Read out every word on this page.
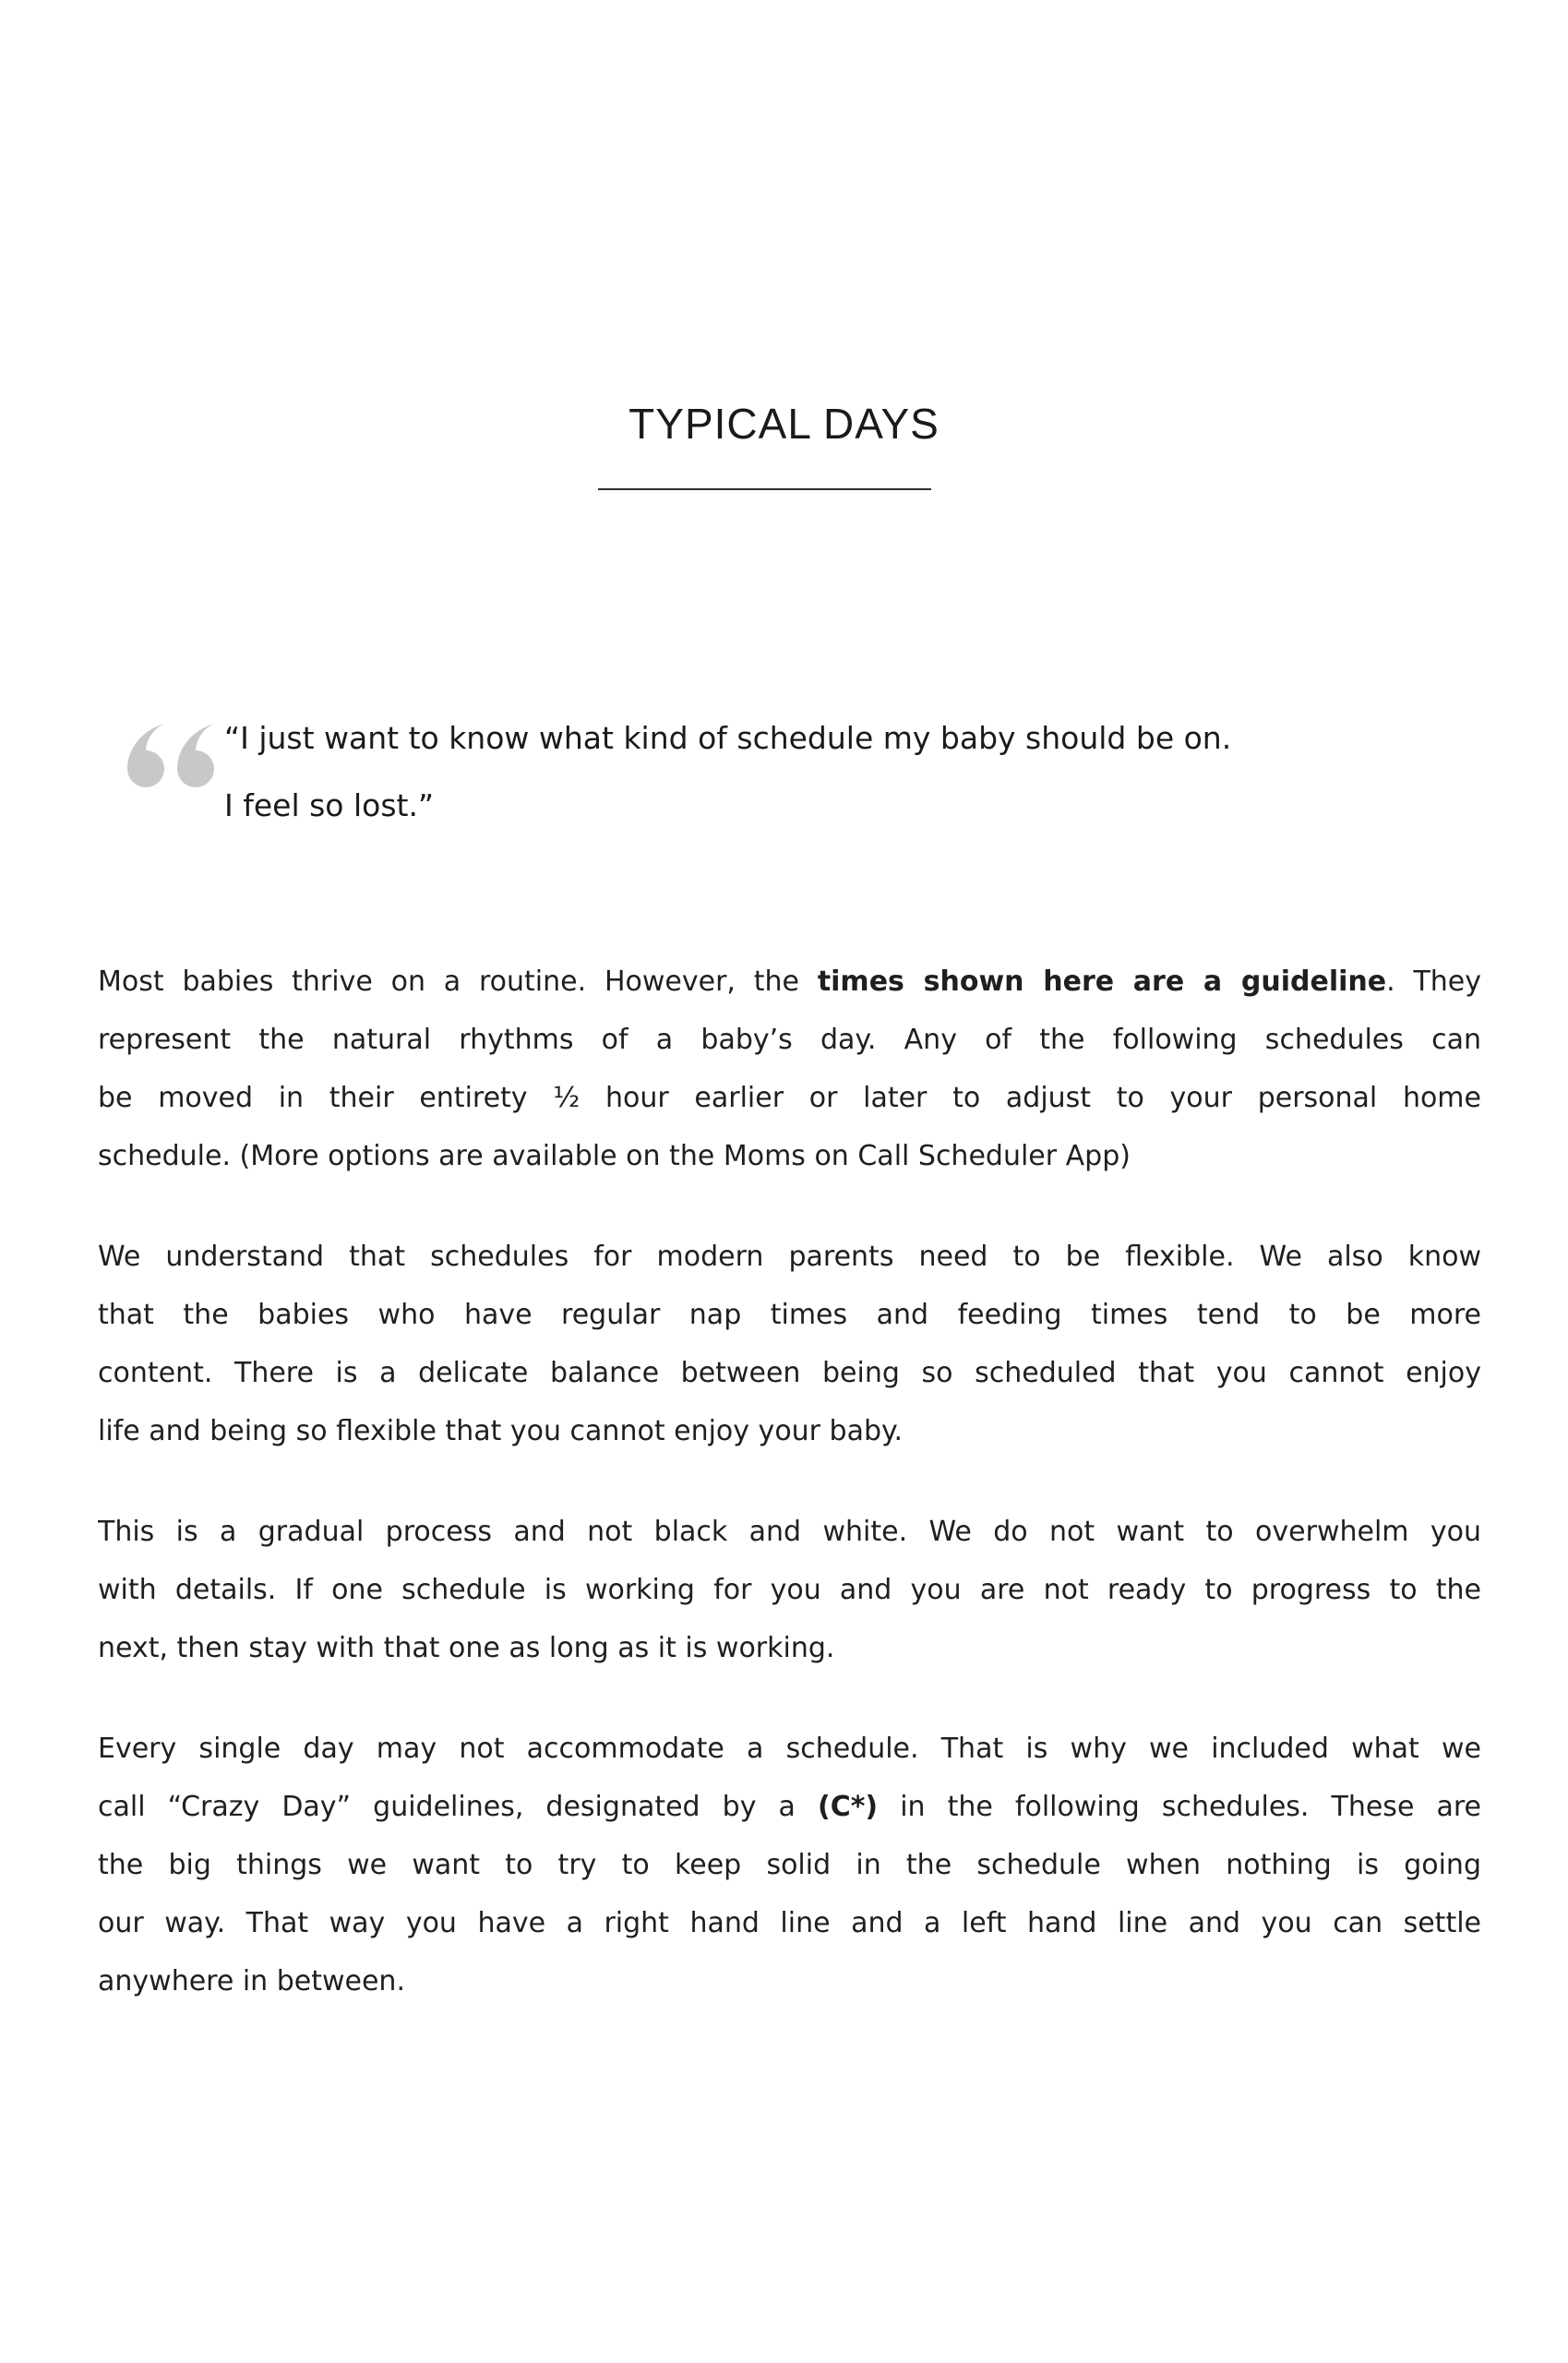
TYPICAL DAYS
“I just want to know what kind of schedule my baby should be on.
I feel so lost.”
Most babies thrive on a routine. However, the times shown here are a guideline. They
represent the natural rhythms of a baby’s day. Any of the following schedules can
be moved in their entirety ½ hour earlier or later to adjust to your personal home
schedule. (More options are available on the Moms on Call Scheduler App)
We understand that schedules for modern parents need to be flexible. We also know
that the babies who have regular nap times and feeding times tend to be more
content. There is a delicate balance between being so scheduled that you cannot enjoy
life and being so flexible that you cannot enjoy your baby.
This is a gradual process and not black and white. We do not want to overwhelm you
with details. If one schedule is working for you and you are not ready to progress to the
next, then stay with that one as long as it is working.
Every single day may not accommodate a schedule. That is why we included what we
call “Crazy Day” guidelines, designated by a (C*) in the following schedules. These are
the big things we want to try to keep solid in the schedule when nothing is going
our way. That way you have a right hand line and a left hand line and you can settle
anywhere in between.
